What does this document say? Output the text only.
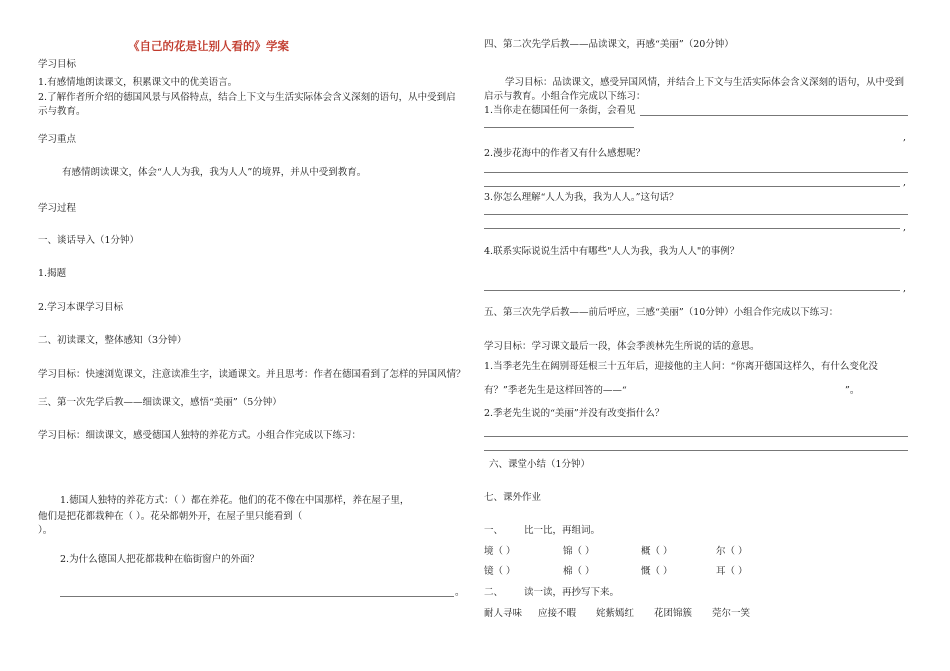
《自己的花是让别人看的》学案
学习目标
1.有感情地朗读课文，积累课文中的优美语言。
2.了解作者所介绍的德国风景与风俗特点，结合上下文与生活实际体会含义深刻的语句，从中受到启
示与教育。
学习重点
有感情朗读课文，体会“人人为我，我为人人”的境界，并从中受到教育。
学习过程
一、谈话导入（1分钟）
1.揭题
2.学习本课学习目标
二、初读课文，整体感知（3分钟）
学习目标：快速浏览课文，注意读准生字，读通课文。并且思考：作者在德国看到了怎样的异国风情？
三、第一次先学后教——细读课文，感悟“美丽”（5分钟）
学习目标：细读课文，感受德国人独特的养花方式。小组合作完成以下练习：
1.德国人独特的养花方式：（ ）都在养花。他们的花不像在中国那样，养在屋子里，
他们是把花都栽种在（ ）。花朵都朝外开，在屋子里只能看到（
）。
2.为什么德国人把花都栽种在临街窗户的外面？
。
四、第二次先学后教——品读课文，再感“美丽”（20分钟）
学习目标：品读课文，感受异国风情，并结合上下文与生活实际体会含义深刻的语句，从中受到
启示与教育。小组合作完成以下练习：
1.当你走在德国任何一条街，会看见
,
2.漫步花海中的作者又有什么感想呢？
,
3.你怎么理解“人人为我，我为人人。”这句话？
,
4.联系实际说说生活中有哪些"人人为我，我为人人"的事例？
,
五、第三次先学后教——前后呼应，三感“美丽”（10分钟）小组合作完成以下练习：
学习目标：学习课文最后一段，体会季羡林先生所说的话的意思。
1.当季老先生在阔别哥廷根三十五年后，迎接他的主人问：“你离开德国这样久，有什么变化没
有？”季老先生是这样回答的——“	”。
2.季老先生说的“美丽”并没有改变指什么？
六、课堂小结（1分钟）
七、课外作业
一、 比一比，再组词。
境（ ）	锦（ ）	概（ ）	尔（ ）
镜（ ）	棉（ ）	慨（ ）	耳（ ）
二、 读一读，再抄写下来。
耐人寻味 应接不暇 姹紫嫣红 花团锦簇 莞尔一笑
